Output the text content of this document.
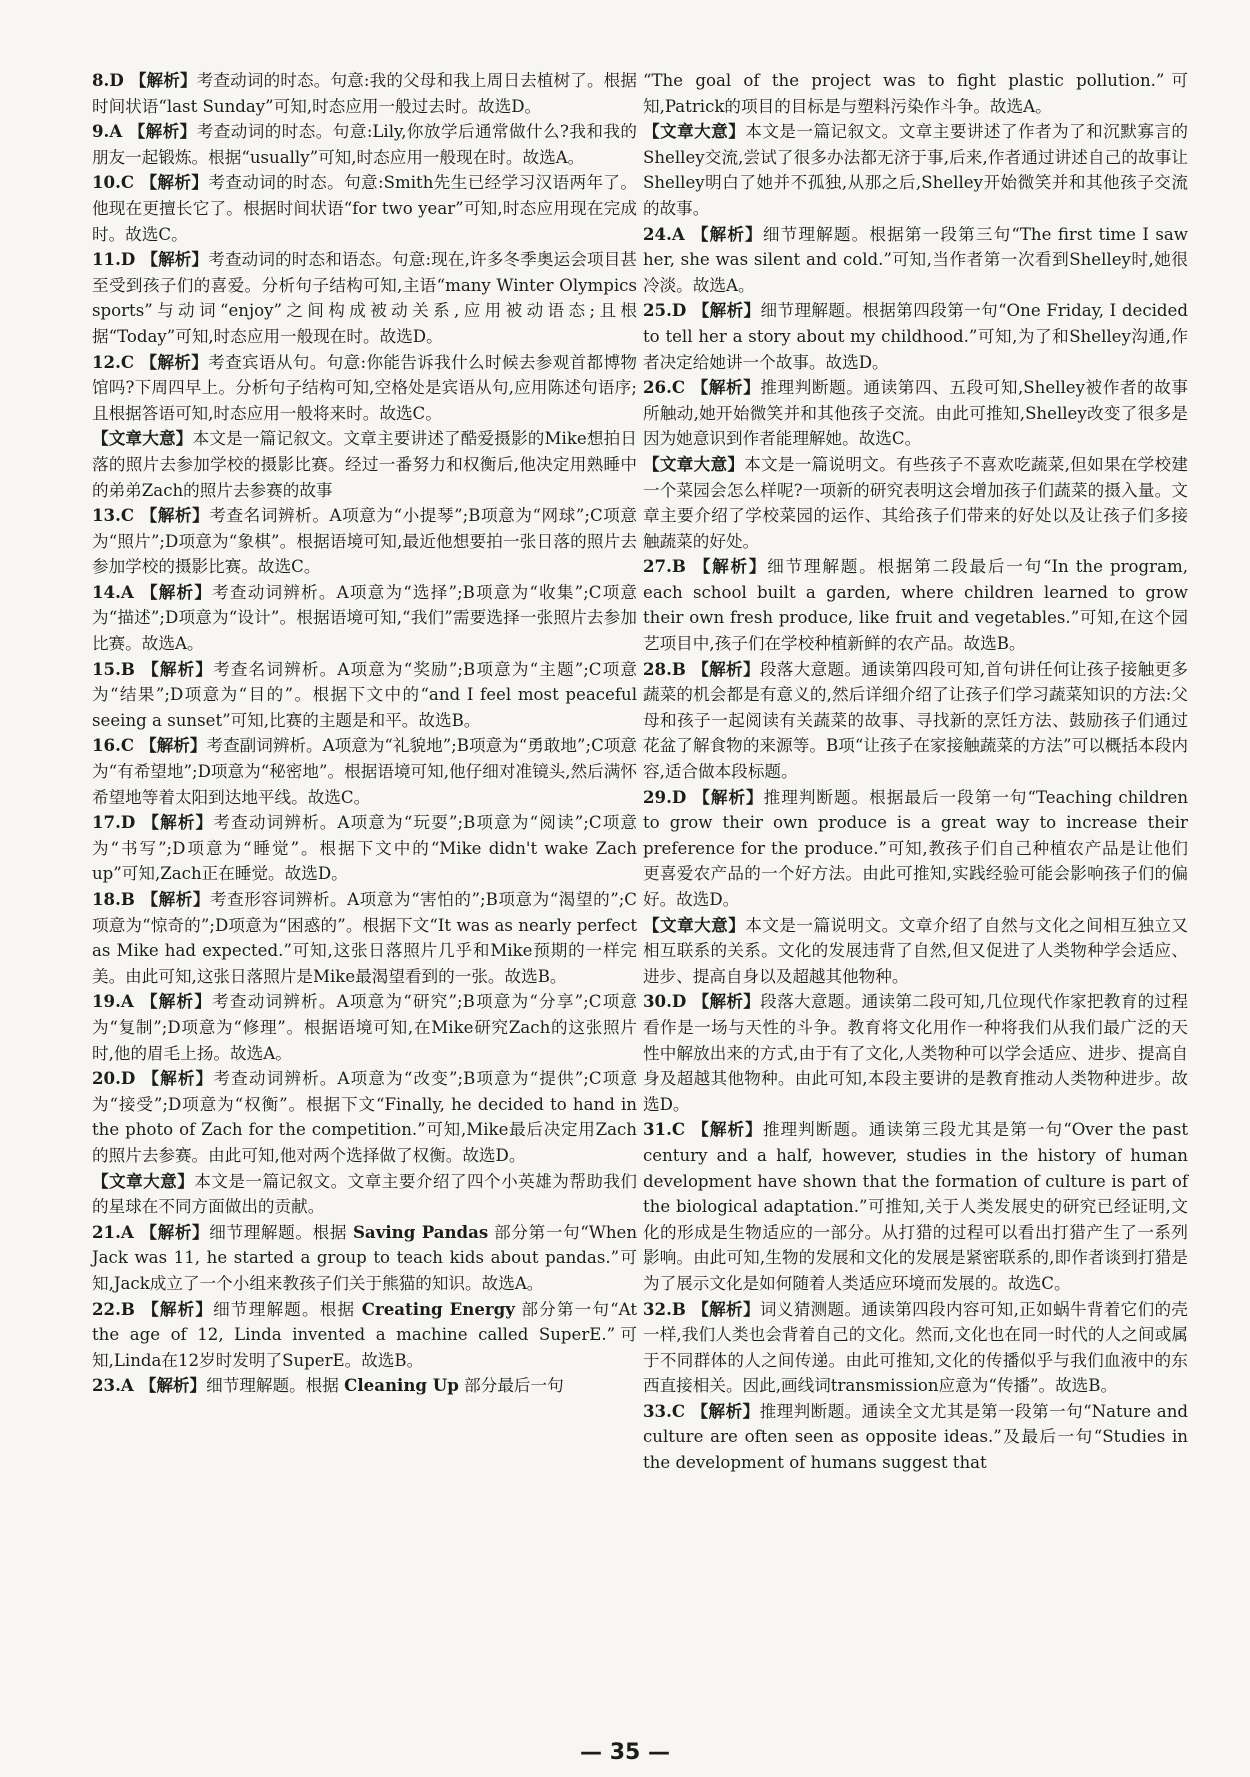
8.D 【解析】考查动词的时态。句意:我的父母和我上周日去植树了。根据时间状语“last Sunday”可知,时态应用一般过去时。故选D。

9.A 【解析】考查动词的时态。句意:Lily,你放学后通常做什么?我和我的朋友一起锻炼。根据“usually”可知,时态应用一般现在时。故选A。

10.C 【解析】考查动词的时态。句意:Smith先生已经学习汉语两年了。他现在更擅长它了。根据时间状语“for two year”可知,时态应用现在完成时。故选C。

11.D 【解析】考查动词的时态和语态。句意:现在,许多冬季奥运会项目甚至受到孩子们的喜爱。分析句子结构可知,主语“many Winter Olympics sports”与动词“enjoy”之间构成被动关系,应用被动语态;且根据“Today”可知,时态应用一般现在时。故选D。

12.C 【解析】考查宾语从句。句意:你能告诉我什么时候去参观首都博物馆吗?下周四早上。分析句子结构可知,空格处是宾语从句,应用陈述句语序;且根据答语可知,时态应用一般将来时。故选C。

【文章大意】本文是一篇记叙文。文章主要讲述了酷爱摄影的Mike想拍日落的照片去参加学校的摄影比赛。经过一番努力和权衡后,他决定用熟睡中的弟弟Zach的照片去参赛的故事

13.C 【解析】考查名词辨析。A项意为“小提琴”;B项意为“网球”;C项意为“照片”;D项意为“象棋”。根据语境可知,最近他想要拍一张日落的照片去参加学校的摄影比赛。故选C。

14.A 【解析】考查动词辨析。A项意为“选择”;B项意为“收集”;C项意为“描述”;D项意为“设计”。根据语境可知,“我们”需要选择一张照片去参加比赛。故选A。

15.B 【解析】考查名词辨析。A项意为“奖励”;B项意为“主题”;C项意为“结果”;D项意为“目的”。根据下文中的“and I feel most peaceful seeing a sunset”可知,比赛的主题是和平。故选B。

16.C 【解析】考查副词辨析。A项意为“礼貌地”;B项意为“勇敢地”;C项意为“有希望地”;D项意为“秘密地”。根据语境可知,他仔细对准镜头,然后满怀希望地等着太阳到达地平线。故选C。

17.D 【解析】考查动词辨析。A项意为“玩耍”;B项意为“阅读”;C项意为“书写”;D项意为“睡觉”。根据下文中的“Mike didn't wake Zach up”可知,Zach正在睡觉。故选D。

18.B 【解析】考查形容词辨析。A项意为“害怕的”;B项意为“渴望的”;C项意为“惊奇的”;D项意为“困惑的”。根据下文“It was as nearly perfect as Mike had expected.”可知,这张日落照片几乎和Mike预期的一样完美。由此可知,这张日落照片是Mike最渴望看到的一张。故选B。

19.A 【解析】考查动词辨析。A项意为“研究”;B项意为“分享”;C项意为“复制”;D项意为“修理”。根据语境可知,在Mike研究Zach的这张照片时,他的眉毛上扬。故选A。

20.D 【解析】考查动词辨析。A项意为“改变”;B项意为“提供”;C项意为“接受”;D项意为“权衡”。根据下文“Finally, he decided to hand in the photo of Zach for the competition.”可知,Mike最后决定用Zach的照片去参赛。由此可知,他对两个选择做了权衡。故选D。

【文章大意】本文是一篇记叙文。文章主要介绍了四个小英雄为帮助我们的星球在不同方面做出的贡献。

21.A 【解析】细节理解题。根据 Saving Pandas 部分第一句“When Jack was 11, he started a group to teach kids about pandas.”可知,Jack成立了一个小组来教孩子们关于熊猫的知识。故选A。

22.B 【解析】细节理解题。根据 Creating Energy 部分第一句“At the age of 12, Linda invented a machine called SuperE.”可知,Linda在12岁时发明了SuperE。故选B。

23.A 【解析】细节理解题。根据 Cleaning Up 部分最后一句

“The goal of the project was to fight plastic pollution.”可知,Patrick的项目的目标是与塑料污染作斗争。故选A。

【文章大意】本文是一篇记叙文。文章主要讲述了作者为了和沉默寡言的Shelley交流,尝试了很多办法都无济于事,后来,作者通过讲述自己的故事让Shelley明白了她并不孤独,从那之后,Shelley开始微笑并和其他孩子交流的故事。

24.A 【解析】细节理解题。根据第一段第三句“The first time I saw her, she was silent and cold.”可知,当作者第一次看到Shelley时,她很冷淡。故选A。

25.D 【解析】细节理解题。根据第四段第一句“One Friday, I decided to tell her a story about my childhood.”可知,为了和Shelley沟通,作者决定给她讲一个故事。故选D。

26.C 【解析】推理判断题。通读第四、五段可知,Shelley被作者的故事所触动,她开始微笑并和其他孩子交流。由此可推知,Shelley改变了很多是因为她意识到作者能理解她。故选C。

【文章大意】本文是一篇说明文。有些孩子不喜欢吃蔬菜,但如果在学校建一个菜园会怎么样呢?一项新的研究表明这会增加孩子们蔬菜的摄入量。文章主要介绍了学校菜园的运作、其给孩子们带来的好处以及让孩子们多接触蔬菜的好处。

27.B 【解析】细节理解题。根据第二段最后一句“In the program, each school built a garden, where children learned to grow their own fresh produce, like fruit and vegetables.”可知,在这个园艺项目中,孩子们在学校种植新鲜的农产品。故选B。

28.B 【解析】段落大意题。通读第四段可知,首句讲任何让孩子接触更多蔬菜的机会都是有意义的,然后详细介绍了让孩子们学习蔬菜知识的方法:父母和孩子一起阅读有关蔬菜的故事、寻找新的烹饪方法、鼓励孩子们通过花盆了解食物的来源等。B项“让孩子在家接触蔬菜的方法”可以概括本段内容,适合做本段标题。

29.D 【解析】推理判断题。根据最后一段第一句“Teaching children to grow their own produce is a great way to increase their preference for the produce.”可知,教孩子们自己种植农产品是让他们更喜爱农产品的一个好方法。由此可推知,实践经验可能会影响孩子们的偏好。故选D。

【文章大意】本文是一篇说明文。文章介绍了自然与文化之间相互独立又相互联系的关系。文化的发展违背了自然,但又促进了人类物种学会适应、进步、提高自身以及超越其他物种。

30.D 【解析】段落大意题。通读第二段可知,几位现代作家把教育的过程看作是一场与天性的斗争。教育将文化用作一种将我们从我们最广泛的天性中解放出来的方式,由于有了文化,人类物种可以学会适应、进步、提高自身及超越其他物种。由此可知,本段主要讲的是教育推动人类物种进步。故选D。

31.C 【解析】推理判断题。通读第三段尤其是第一句“Over the past century and a half, however, studies in the history of human development have shown that the formation of culture is part of the biological adaptation.”可推知,关于人类发展史的研究已经证明,文化的形成是生物适应的一部分。从打猎的过程可以看出打猎产生了一系列影响。由此可知,生物的发展和文化的发展是紧密联系的,即作者谈到打猎是为了展示文化是如何随着人类适应环境而发展的。故选C。

32.B 【解析】词义猜测题。通读第四段内容可知,正如蜗牛背着它们的壳一样,我们人类也会背着自己的文化。然而,文化也在同一时代的人之间或属于不同群体的人之间传递。由此可推知,文化的传播似乎与我们血液中的东西直接相关。因此,画线词transmission应意为“传播”。故选B。

33.C 【解析】推理判断题。通读全文尤其是第一段第一句“Nature and culture are often seen as opposite ideas.”及最后一句“Studies in the development of humans suggest that

— 35 —
